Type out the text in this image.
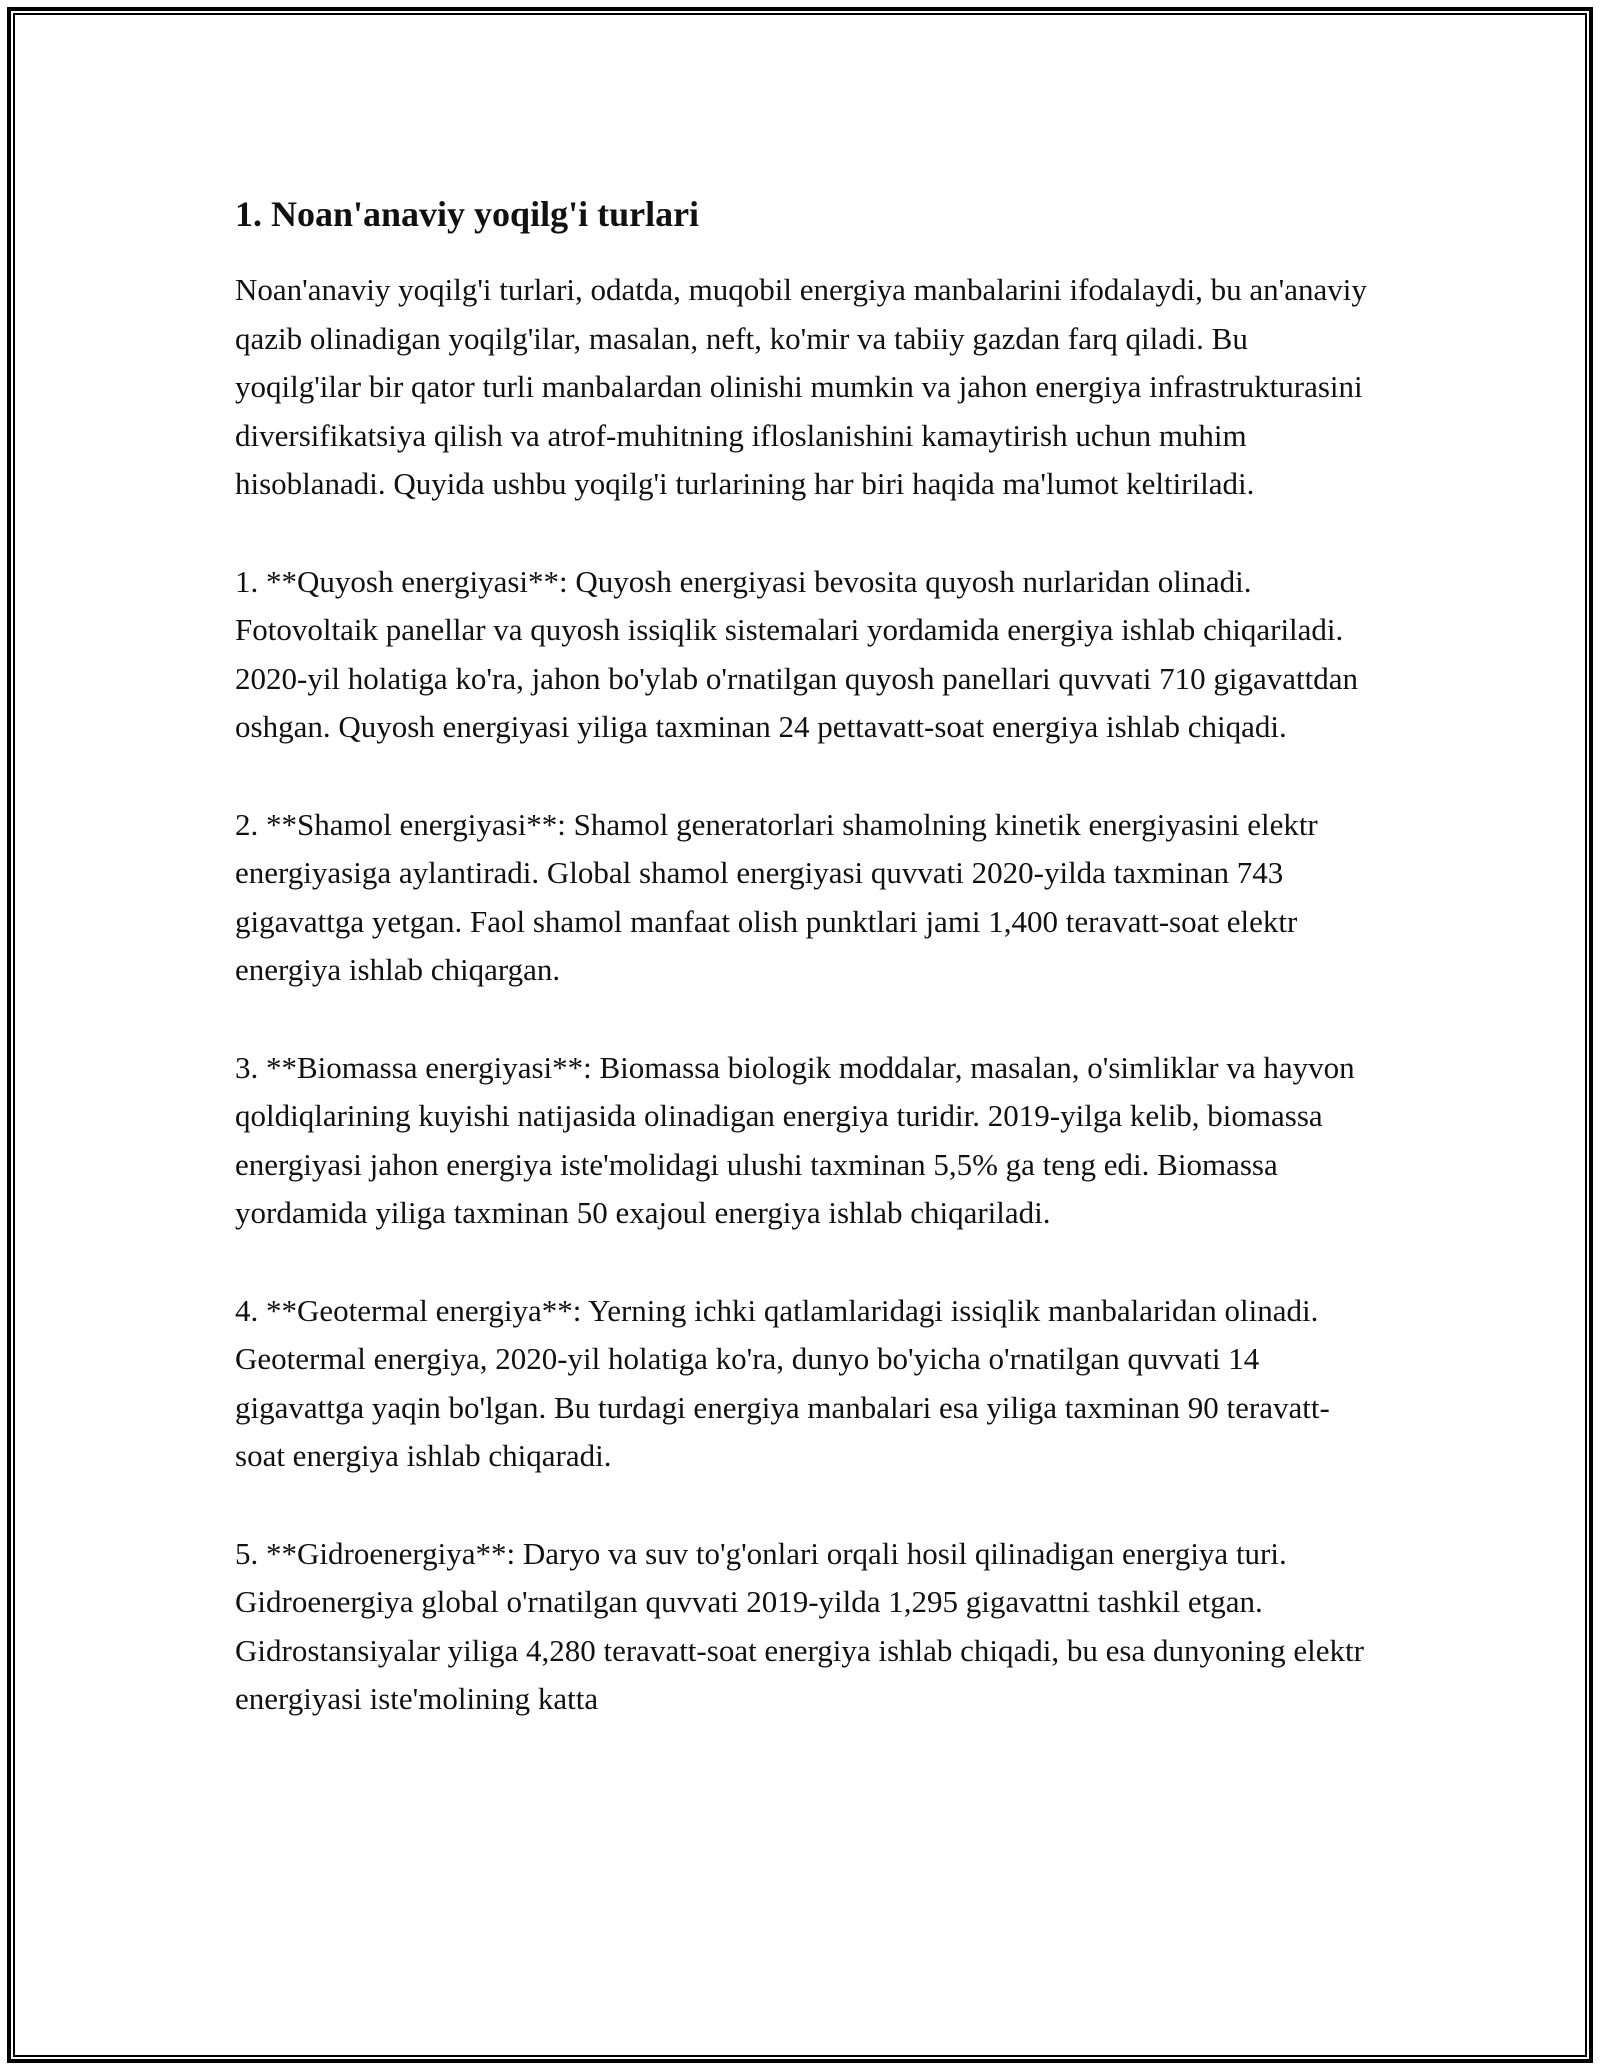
1. Noan'anaviy yoqilg'i turlari

Noan'anaviy yoqilg'i turlari, odatda, muqobil energiya manbalarini ifodalaydi, bu an'anaviy qazib olinadigan yoqilg'ilar, masalan, neft, ko'mir va tabiiy gazdan farq qiladi. Bu yoqilg'ilar bir qator turli manbalardan olinishi mumkin va jahon energiya infrastrukturasini diversifikatsiya qilish va atrof-muhitning ifloslanishini kamaytirish uchun muhim hisoblanadi. Quyida ushbu yoqilg'i turlarining har biri haqida ma'lumot keltiriladi.

1. **Quyosh energiyasi**: Quyosh energiyasi bevosita quyosh nurlaridan olinadi. Fotovoltaik panellar va quyosh issiqlik sistemalari yordamida energiya ishlab chiqariladi. 2020-yil holatiga ko'ra, jahon bo'ylab o'rnatilgan quyosh panellari quvvati 710 gigavattdan oshgan. Quyosh energiyasi yiliga taxminan 24 pettavatt-soat energiya ishlab chiqadi.

2. **Shamol energiyasi**: Shamol generatorlari shamolning kinetik energiyasini elektr energiyasiga aylantiradi. Global shamol energiyasi quvvati 2020-yilda taxminan 743 gigavattga yetgan. Faol shamol manfaat olish punktlari jami 1,400 teravatt-soat elektr energiya ishlab chiqargan.

3. **Biomassa energiyasi**: Biomassa biologik moddalar, masalan, o'simliklar va hayvon qoldiqlarining kuyishi natijasida olinadigan energiya turidir. 2019-yilga kelib, biomassa energiyasi jahon energiya iste'molidagi ulushi taxminan 5,5% ga teng edi. Biomassa yordamida yiliga taxminan 50 exajoul energiya ishlab chiqariladi.

4. **Geotermal energiya**: Yerning ichki qatlamlaridagi issiqlik manbalaridan olinadi. Geotermal energiya, 2020-yil holatiga ko'ra, dunyo bo'yicha o'rnatilgan quvvati 14 gigavattga yaqin bo'lgan. Bu turdagi energiya manbalari esa yiliga taxminan 90 teravatt-soat energiya ishlab chiqaradi.

5. **Gidroenergiya**: Daryo va suv to'g'onlari orqali hosil qilinadigan energiya turi. Gidroenergiya global o'rnatilgan quvvati 2019-yilda 1,295 gigavattni tashkil etgan. Gidrostansiyalar yiliga 4,280 teravatt-soat energiya ishlab chiqadi, bu esa dunyoning elektr energiyasi iste'molining katta
